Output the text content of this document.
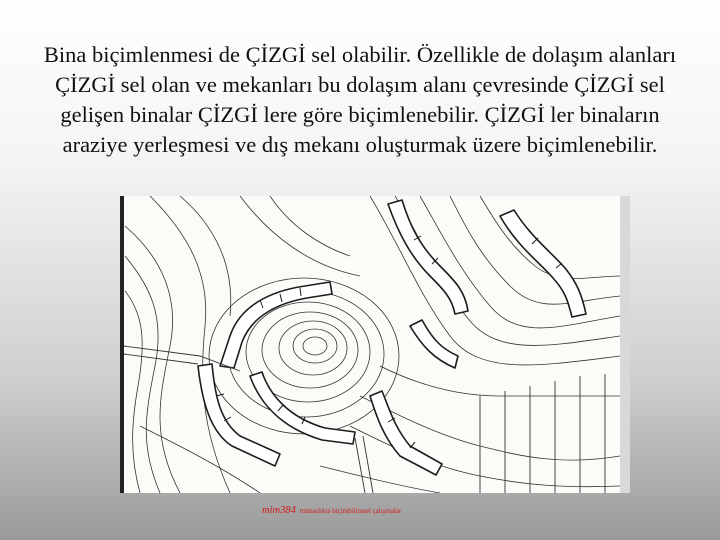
Bina biçimlenmesi de ÇİZGİ sel olabilir. Özellikle de dolaşım alanları ÇİZGİ sel olan ve mekanları bu dolaşım alanı çevresinde ÇİZGİ sel gelişen binalar ÇİZGİ lere göre biçimlenebilir. ÇİZGİ ler binaların araziye yerleşmesi ve dış mekanı oluşturmak üzere biçimlenebilir.
mim384 mimarlıkta biçimbilimsel çalışmalar
